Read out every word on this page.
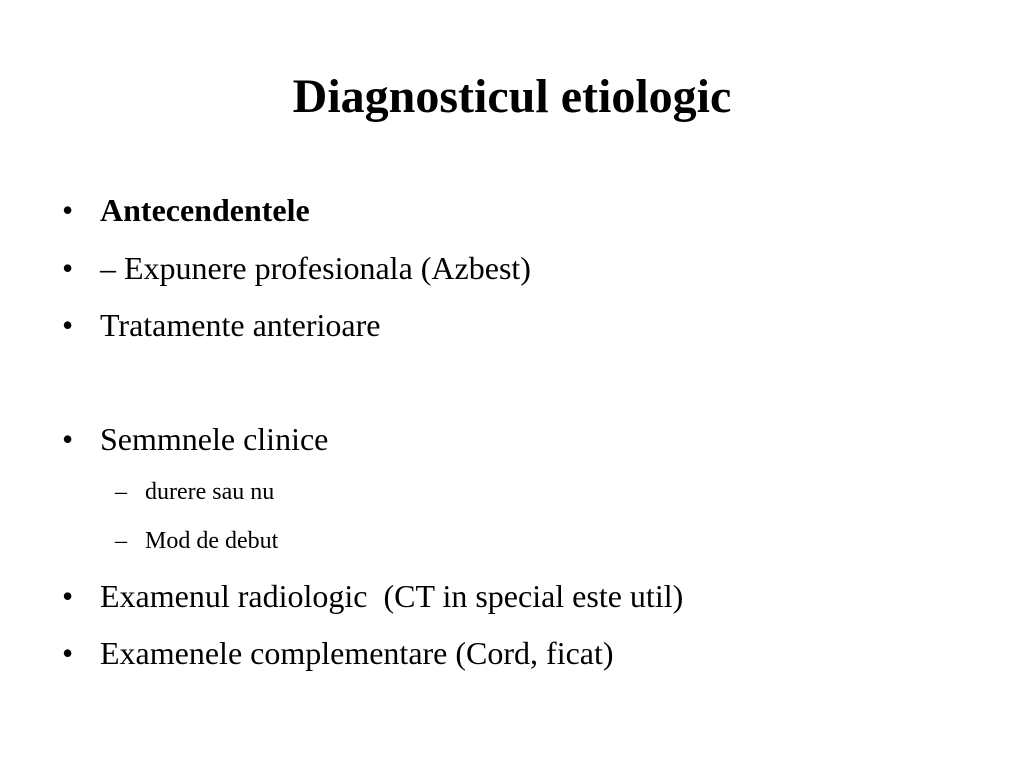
Diagnosticul etiologic
• Antecendentele
• – Expunere profesionala (Azbest)
• Tratamente anterioare
• Semmnele clinice
– durere sau nu
– Mod de debut
• Examenul radiologic  (CT in special este util)
• Examenele complementare (Cord, ficat)
